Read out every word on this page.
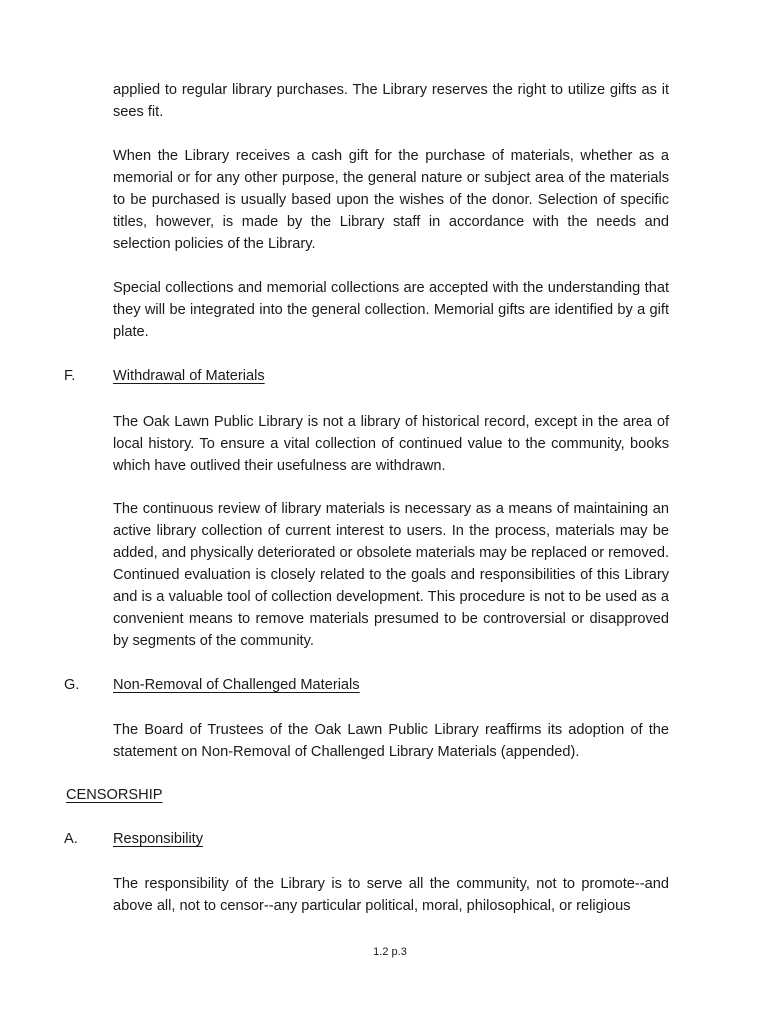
applied to regular library purchases. The Library reserves the right to utilize gifts as it sees fit.

When the Library receives a cash gift for the purchase of materials, whether as a memorial or for any other purpose, the general nature or subject area of the materials to be purchased is usually based upon the wishes of the donor. Selection of specific titles, however, is made by the Library staff in accordance with the needs and selection policies of the Library.

Special collections and memorial collections are accepted with the understanding that they will be integrated into the general collection. Memorial gifts are identified by a gift plate.

F.	Withdrawal of Materials

The Oak Lawn Public Library is not a library of historical record, except in the area of local history. To ensure a vital collection of continued value to the community, books which have outlived their usefulness are withdrawn.

The continuous review of library materials is necessary as a means of maintaining an active library collection of current interest to users. In the process, materials may be added, and physically deteriorated or obsolete materials may be replaced or removed. Continued evaluation is closely related to the goals and responsibilities of this Library and is a valuable tool of collection development. This procedure is not to be used as a convenient means to remove materials presumed to be controversial or disapproved by segments of the community.

G. Non-Removal of Challenged Materials

The Board of Trustees of the Oak Lawn Public Library reaffirms its adoption of the statement on Non-Removal of Challenged Library Materials (appended).

CENSORSHIP
A. Responsibility

The responsibility of the Library is to serve all the community, not to promote--and above all, not to censor--any particular political, moral, philosophical, or religious

1.2 p.3
